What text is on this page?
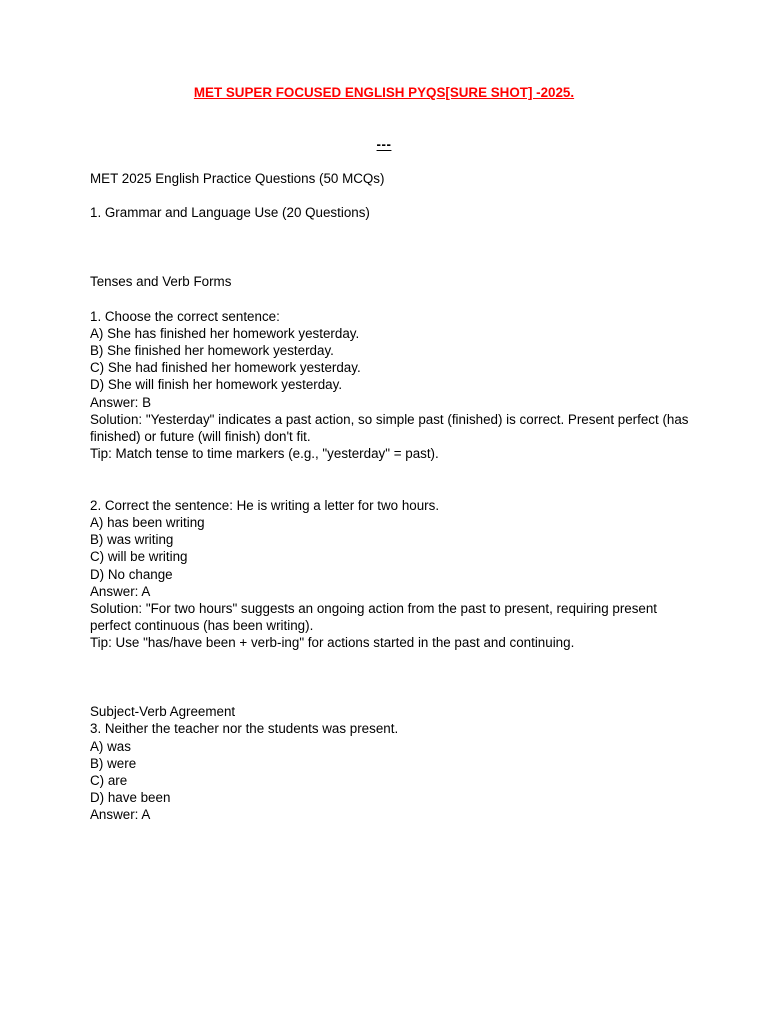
MET SUPER FOCUSED ENGLISH PYQS[SURE SHOT] -2025.
---
MET 2025 English Practice Questions (50 MCQs)
1. Grammar and Language Use (20 Questions)
Tenses and Verb Forms
1. Choose the correct sentence:
A) She has finished her homework yesterday.
B) She finished her homework yesterday.
C) She had finished her homework yesterday.
D) She will finish her homework yesterday.
Answer: B
Solution: "Yesterday" indicates a past action, so simple past (finished) is correct. Present perfect (has finished) or future (will finish) don't fit.
Tip: Match tense to time markers (e.g., "yesterday" = past).
2. Correct the sentence: He is writing a letter for two hours.
A) has been writing
B) was writing
C) will be writing
D) No change
Answer: A
Solution: "For two hours" suggests an ongoing action from the past to present, requiring present perfect continuous (has been writing).
Tip: Use "has/have been + verb-ing" for actions started in the past and continuing.
Subject-Verb Agreement
3. Neither the teacher nor the students was present.
A) was
B) were
C) are
D) have been
Answer: A
